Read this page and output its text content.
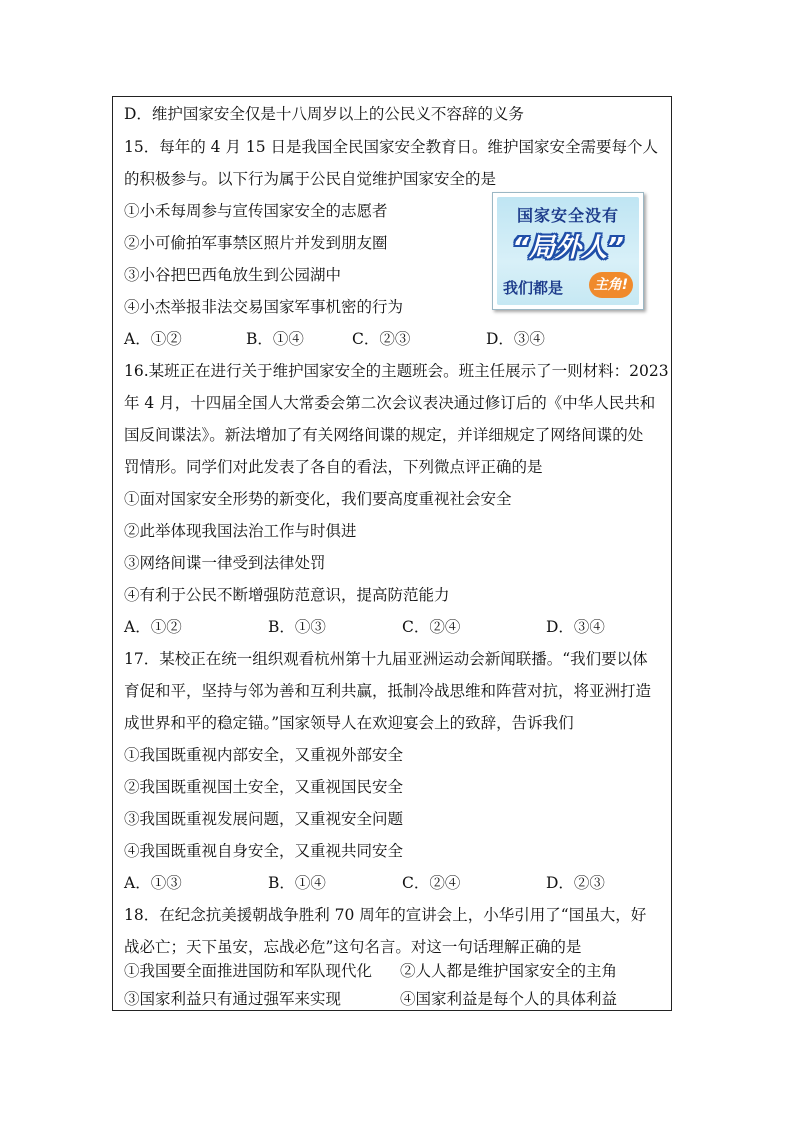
D．维护国家安全仅是十八周岁以上的公民义不容辞的义务
15．每年的 4 月 15 日是我国全民国家安全教育日。维护国家安全需要每个人
的积极参与。以下行为属于公民自觉维护国家安全的是
①小禾每周参与宣传国家安全的志愿者
②小可偷拍军事禁区照片并发到朋友圈
③小谷把巴西龟放生到公园湖中
④小杰举报非法交易国家军事机密的行为
国家安全没有
“局外人”
我们都是	主角!
A．①②	B．①④	C．②③	D．③④
16.某班正在进行关于维护国家安全的主题班会。班主任展示了一则材料：2023
年 4 月，十四届全国人大常委会第二次会议表决通过修订后的《中华人民共和
国反间谍法》。新法增加了有关网络间谍的规定，并详细规定了网络间谍的处
罚情形。同学们对此发表了各自的看法，下列微点评正确的是
①面对国家安全形势的新变化，我们要高度重视社会安全
②此举体现我国法治工作与时俱进
③网络间谍一律受到法律处罚
④有利于公民不断增强防范意识，提高防范能力
A．①②	B．①③	C．②④	D．③④
17．某校正在统一组织观看杭州第十九届亚洲运动会新闻联播。“我们要以体
育促和平，坚持与邻为善和互利共赢，抵制冷战思维和阵营对抗，将亚洲打造
成世界和平的稳定锚。”国家领导人在欢迎宴会上的致辞，告诉我们
①我国既重视内部安全，又重视外部安全
②我国既重视国土安全，又重视国民安全
③我国既重视发展问题，又重视安全问题
④我国既重视自身安全，又重视共同安全
A．①③	B．①④	C．②④	D．②③
18．在纪念抗美援朝战争胜利 70 周年的宣讲会上，小华引用了“国虽大，好
战必亡；天下虽安，忘战必危”这句名言。对这一句话理解正确的是
①我国要全面推进国防和军队现代化 ②人人都是维护国家安全的主角
③国家利益只有通过强军来实现	④国家利益是每个人的具体利益
